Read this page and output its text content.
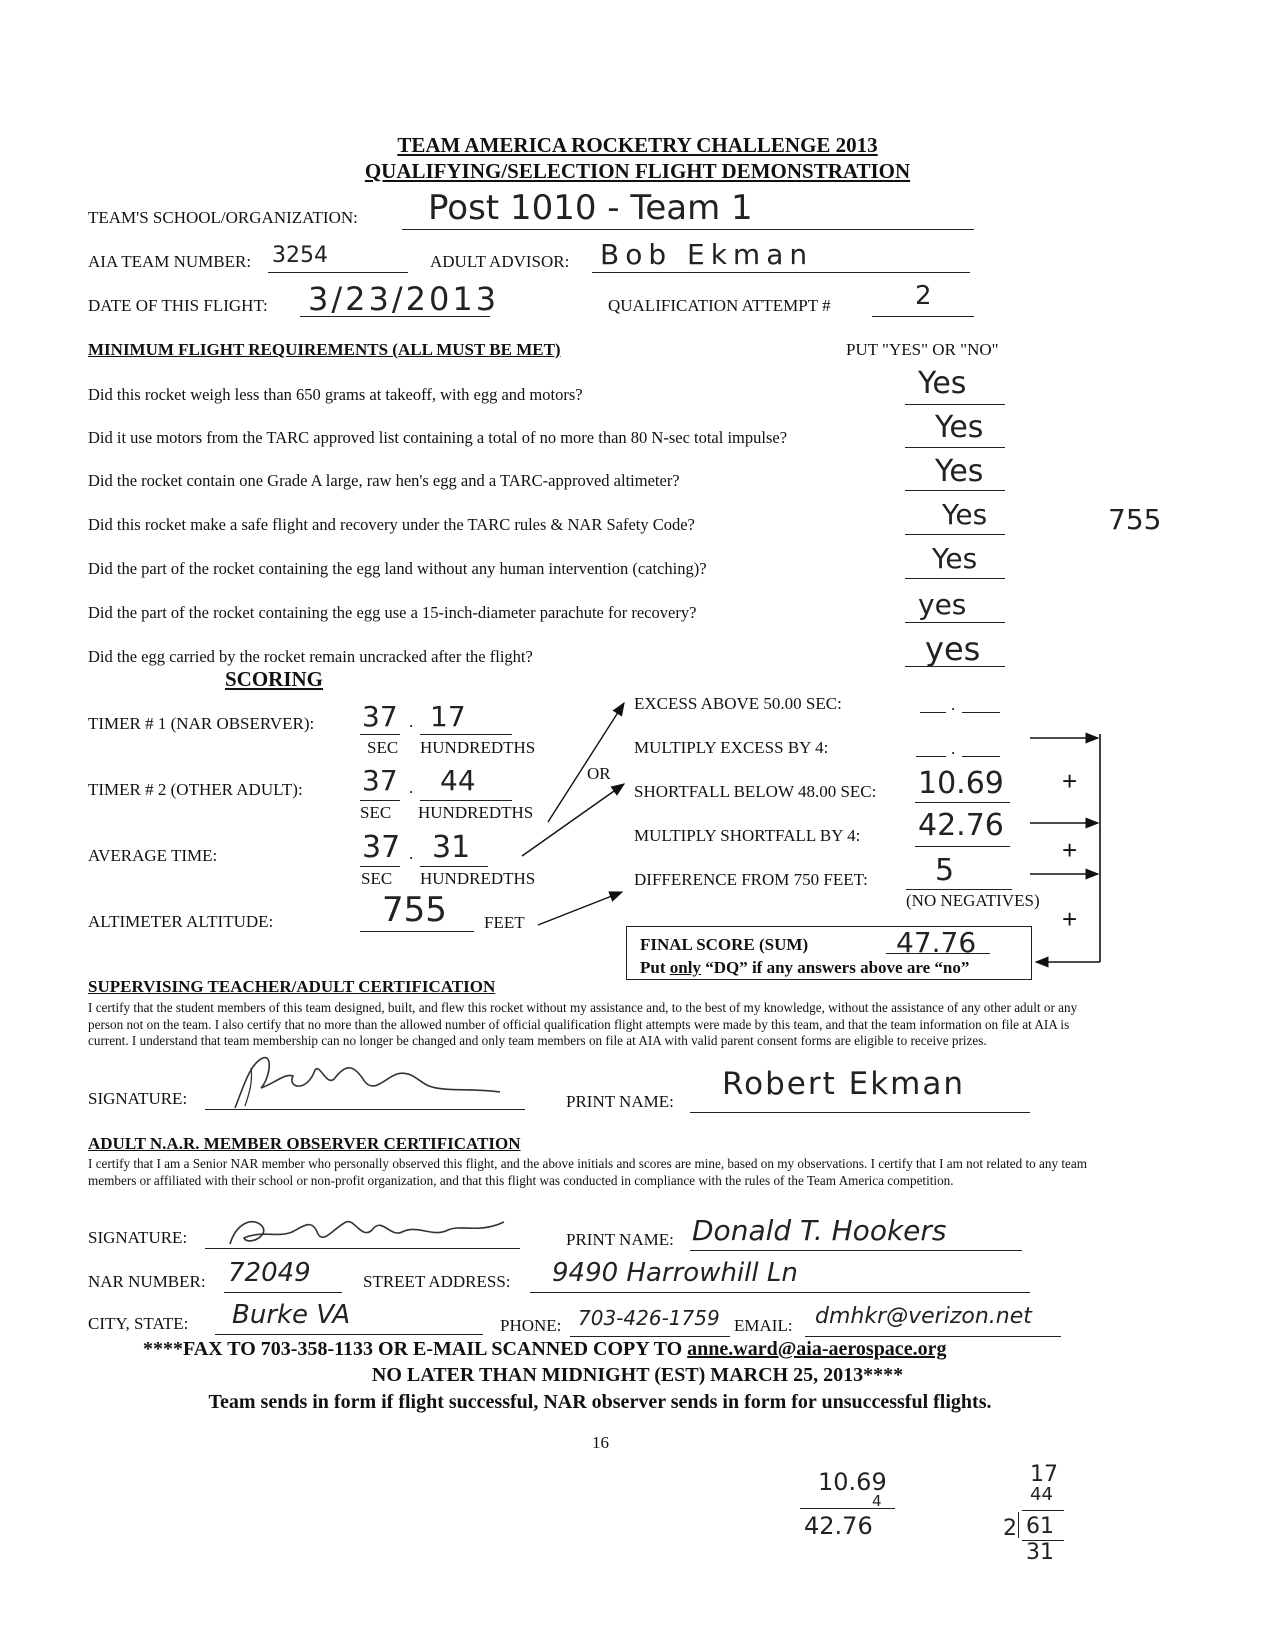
TEAM AMERICA ROCKETRY CHALLENGE 2013
QUALIFYING/SELECTION FLIGHT DEMONSTRATION
TEAM'S SCHOOL/ORGANIZATION: Post 1010 - Team 1
AIA TEAM NUMBER: 3254	ADULT ADVISOR: Bob Ekman
DATE OF THIS FLIGHT: 3/23/2013	QUALIFICATION ATTEMPT #	2
MINIMUM FLIGHT REQUIREMENTS (ALL MUST BE MET)	PUT "YES" OR "NO"
Did this rocket weigh less than 650 grams at takeoff, with egg and motors?	Yes
Did it use motors from the TARC approved list containing a total of no more than 80 N-sec total impulse?	Yes
Did the rocket contain one Grade A large, raw hen's egg and a TARC-approved altimeter?	Yes
Did this rocket make a safe flight and recovery under the TARC rules & NAR Safety Code?	Yes	755
Did the part of the rocket containing the egg land without any human intervention (catching)?	Yes
Did the part of the rocket containing the egg use a 15-inch-diameter parachute for recovery?	yes
Did the egg carried by the rocket remain uncracked after the flight?	yes
SCORING
TIMER # 1 (NAR OBSERVER): 37 . 17
SEC HUNDREDTHS
TIMER # 2 (OTHER ADULT): 37 . 44
SEC HUNDREDTHS
AVERAGE TIME:	37 . 31
SEC HUNDREDTHS
ALTIMETER ALTITUDE:	755 FEET
OR
EXCESS ABOVE 50.00 SEC:	.
MULTIPLY EXCESS BY 4:	.
SHORTFALL BELOW 48.00 SEC: 10.69
MULTIPLY SHORTFALL BY 4: 42.76
DIFFERENCE FROM 750 FEET: 5
(NO NEGATIVES)
+
+
+
FINAL SCORE (SUM)	47.76
Put only “DQ” if any answers above are “no”
SUPERVISING TEACHER/ADULT CERTIFICATION
I certify that the student members of this team designed, built, and flew this rocket without my assistance and, to the best of my knowledge, without the assistance of any other adult or any person not on the team. I also certify that no more than the allowed number of official qualification flight attempts were made by this team, and that the team information on file at AIA is current. I understand that team membership can no longer be changed and only team members on file at AIA with valid parent consent forms are eligible to receive prizes.
SIGNATURE:	PRINT NAME: Robert Ekman
ADULT N.A.R. MEMBER OBSERVER CERTIFICATION
I certify that I am a Senior NAR member who personally observed this flight, and the above initials and scores are mine, based on my observations. I certify that I am not related to any team members or affiliated with their school or non-profit organization, and that this flight was conducted in compliance with the rules of the Team America competition.
SIGNATURE:	PRINT NAME: Donald T. Hookers
NAR NUMBER: 72049	STREET ADDRESS: 9490 Harrowhill Ln
CITY, STATE: Burke VA	PHONE: 703-426-1759 EMAIL: dmhkr@verizon.net
****FAX TO 703-358-1133 OR E-MAIL SCANNED COPY TO anne.ward@aia-aerospace.org
NO LATER THAN MIDNIGHT (EST) MARCH 25, 2013****
Team sends in form if flight successful, NAR observer sends in form for unsuccessful flights.
16
10.69
4
42.76
17
44
2 61
31
